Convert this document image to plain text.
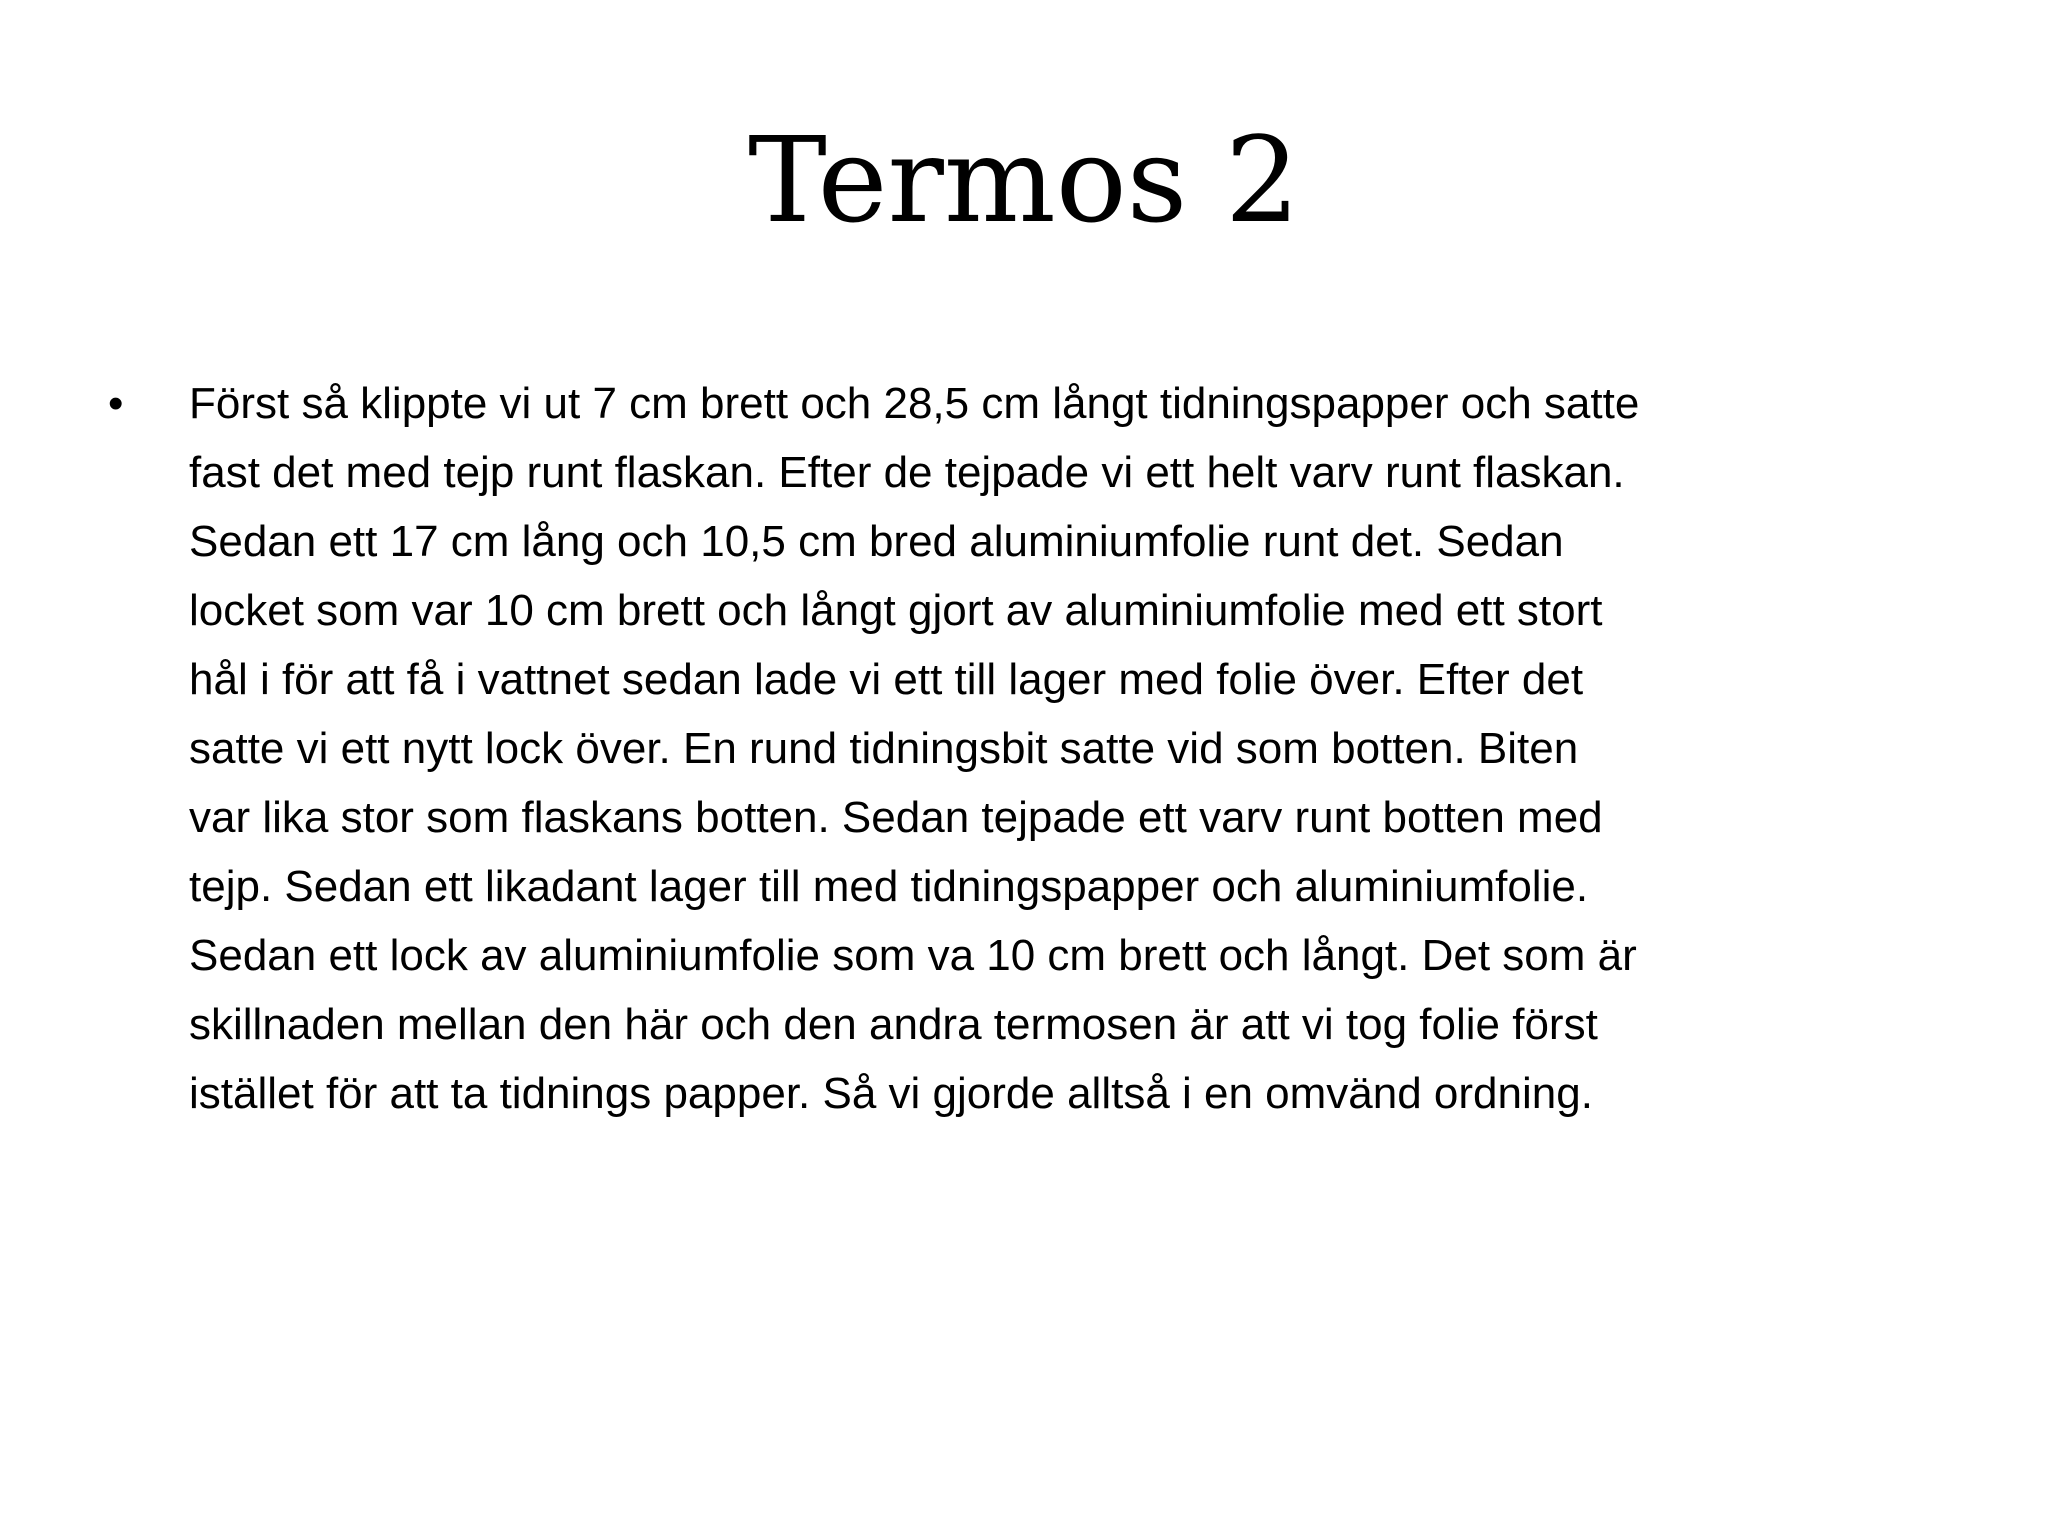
Termos 2
• Först så klippte vi ut 7 cm brett och 28,5 cm långt tidningspapper och satte
fast det med tejp runt flaskan. Efter de tejpade vi ett helt varv runt flaskan.
Sedan ett 17 cm lång och 10,5 cm bred aluminiumfolie runt det. Sedan
locket som var 10 cm brett och långt gjort av aluminiumfolie med ett stort
hål i för att få i vattnet sedan lade vi ett till lager med folie över. Efter det
satte vi ett nytt lock över. En rund tidningsbit satte vid som botten. Biten
var lika stor som flaskans botten. Sedan tejpade ett varv runt botten med
tejp. Sedan ett likadant lager till med tidningspapper och aluminiumfolie.
Sedan ett lock av aluminiumfolie som va 10 cm brett och långt. Det som är
skillnaden mellan den här och den andra termosen är att vi tog folie först
istället för att ta tidnings papper. Så vi gjorde alltså i en omvänd ordning.
